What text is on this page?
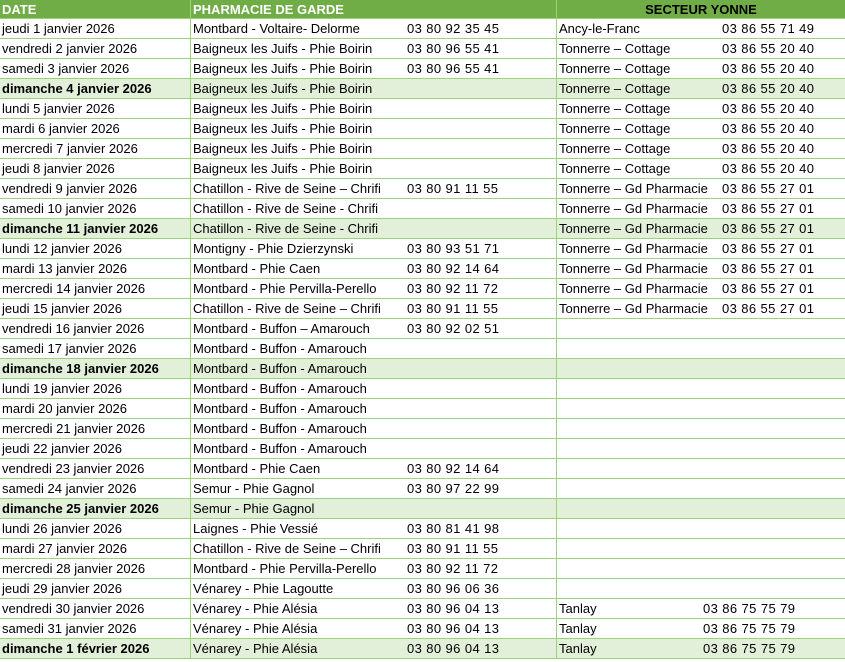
DATE	PHARMACIE DE GARDE	SECTEUR YONNE
jeudi 1 janvier 2026	Montbard - Voltaire- Delorme	03 80 92 35 45	Ancy-le-Franc	03 86 55 71 49
vendredi 2 janvier 2026	Baigneux les Juifs - Phie Boirin	03 80 96 55 41	Tonnerre – Cottage	03 86 55 20 40
samedi 3 janvier 2026	Baigneux les Juifs - Phie Boirin	03 80 96 55 41	Tonnerre – Cottage	03 86 55 20 40
dimanche 4 janvier 2026	Baigneux les Juifs - Phie Boirin	Tonnerre – Cottage	03 86 55 20 40
lundi 5 janvier 2026	Baigneux les Juifs - Phie Boirin	Tonnerre – Cottage	03 86 55 20 40
mardi 6 janvier 2026	Baigneux les Juifs - Phie Boirin	Tonnerre – Cottage	03 86 55 20 40
mercredi 7 janvier 2026	Baigneux les Juifs - Phie Boirin	Tonnerre – Cottage	03 86 55 20 40
jeudi 8 janvier 2026	Baigneux les Juifs - Phie Boirin	Tonnerre – Cottage	03 86 55 20 40
vendredi 9 janvier 2026	Chatillon - Rive de Seine – Chrifi 03 80 91 11 55	Tonnerre – Gd Pharmacie 03 86 55 27 01
samedi 10 janvier 2026	Chatillon - Rive de Seine - Chrifi	Tonnerre – Gd Pharmacie 03 86 55 27 01
dimanche 11 janvier 2026	Chatillon - Rive de Seine - Chrifi	Tonnerre – Gd Pharmacie 03 86 55 27 01
lundi 12 janvier 2026	Montigny - Phie Dzierzynski	03 80 93 51 71	Tonnerre – Gd Pharmacie 03 86 55 27 01
mardi 13 janvier 2026	Montbard - Phie Caen	03 80 92 14 64	Tonnerre – Gd Pharmacie 03 86 55 27 01
mercredi 14 janvier 2026	Montbard - Phie Pervilla-Perello 03 80 92 11 72	Tonnerre – Gd Pharmacie 03 86 55 27 01
jeudi 15 janvier 2026	Chatillon - Rive de Seine – Chrifi 03 80 91 11 55	Tonnerre – Gd Pharmacie 03 86 55 27 01
vendredi 16 janvier 2026	Montbard - Buffon – Amarouch	03 80 92 02 51
samedi 17 janvier 2026	Montbard - Buffon - Amarouch
dimanche 18 janvier 2026	Montbard - Buffon - Amarouch
lundi 19 janvier 2026	Montbard - Buffon - Amarouch
mardi 20 janvier 2026	Montbard - Buffon - Amarouch
mercredi 21 janvier 2026	Montbard - Buffon - Amarouch
jeudi 22 janvier 2026	Montbard - Buffon - Amarouch
vendredi 23 janvier 2026	Montbard - Phie Caen	03 80 92 14 64
samedi 24 janvier 2026	Semur - Phie Gagnol	03 80 97 22 99
dimanche 25 janvier 2026	Semur - Phie Gagnol
lundi 26 janvier 2026	Laignes - Phie Vessié	03 80 81 41 98
mardi 27 janvier 2026	Chatillon - Rive de Seine – Chrifi 03 80 91 11 55
mercredi 28 janvier 2026	Montbard - Phie Pervilla-Perello 03 80 92 11 72
jeudi 29 janvier 2026	Vénarey - Phie Lagoutte	03 80 96 06 36
vendredi 30 janvier 2026	Vénarey - Phie Alésia	03 80 96 04 13	Tanlay	03 86 75 75 79
samedi 31 janvier 2026	Vénarey - Phie Alésia	03 80 96 04 13	Tanlay	03 86 75 75 79
dimanche 1 février 2026	Vénarey - Phie Alésia	03 80 96 04 13	Tanlay	03 86 75 75 79
